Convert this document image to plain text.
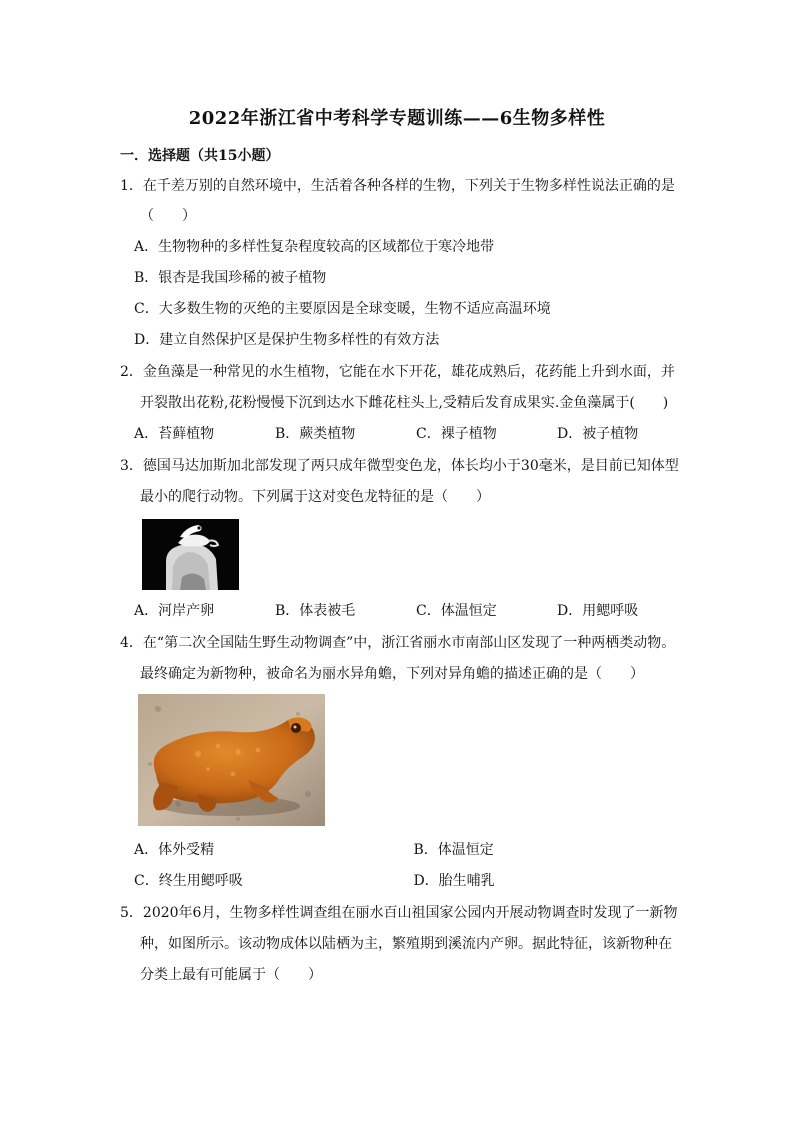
2022年浙江省中考科学专题训练——6生物多样性
一．选择题（共15小题）
1．在千差万别的自然环境中，生活着各种各样的生物，下列关于生物多样性说法正确的是
（　　）
A．生物物种的多样性复杂程度较高的区域都位于寒冷地带
B．银杏是我国珍稀的被子植物
C．大多数生物的灭绝的主要原因是全球变暖，生物不适应高温环境
D．建立自然保护区是保护生物多样性的有效方法
2．金鱼藻是一种常见的水生植物，它能在水下开花，雄花成熟后，花药能上升到水面，并
开裂散出花粉,花粉慢慢下沉到达水下雌花柱头上,受精后发育成果实.金鱼藻属于(　　)
A．苔藓植物	B．蕨类植物	C．裸子植物	D．被子植物
3．德国马达加斯加北部发现了两只成年微型变色龙，体长均小于30毫米，是目前已知体型
最小的爬行动物。下列属于这对变色龙特征的是（　　）
A．河岸产卵	B．体表被毛	C．体温恒定	D．用鳃呼吸
4．在“第二次全国陆生野生动物调查”中，浙江省丽水市南部山区发现了一种两栖类动物。
最终确定为新物种，被命名为丽水异角蟾，下列对异角蟾的描述正确的是（　　）
A．体外受精	B．体温恒定
C．终生用鳃呼吸	D．胎生哺乳
5．2020年6月，生物多样性调查组在丽水百山祖国家公园内开展动物调查时发现了一新物
种，如图所示。该动物成体以陆栖为主，繁殖期到溪流内产卵。据此特征，该新物种在
分类上最有可能属于（　　）
